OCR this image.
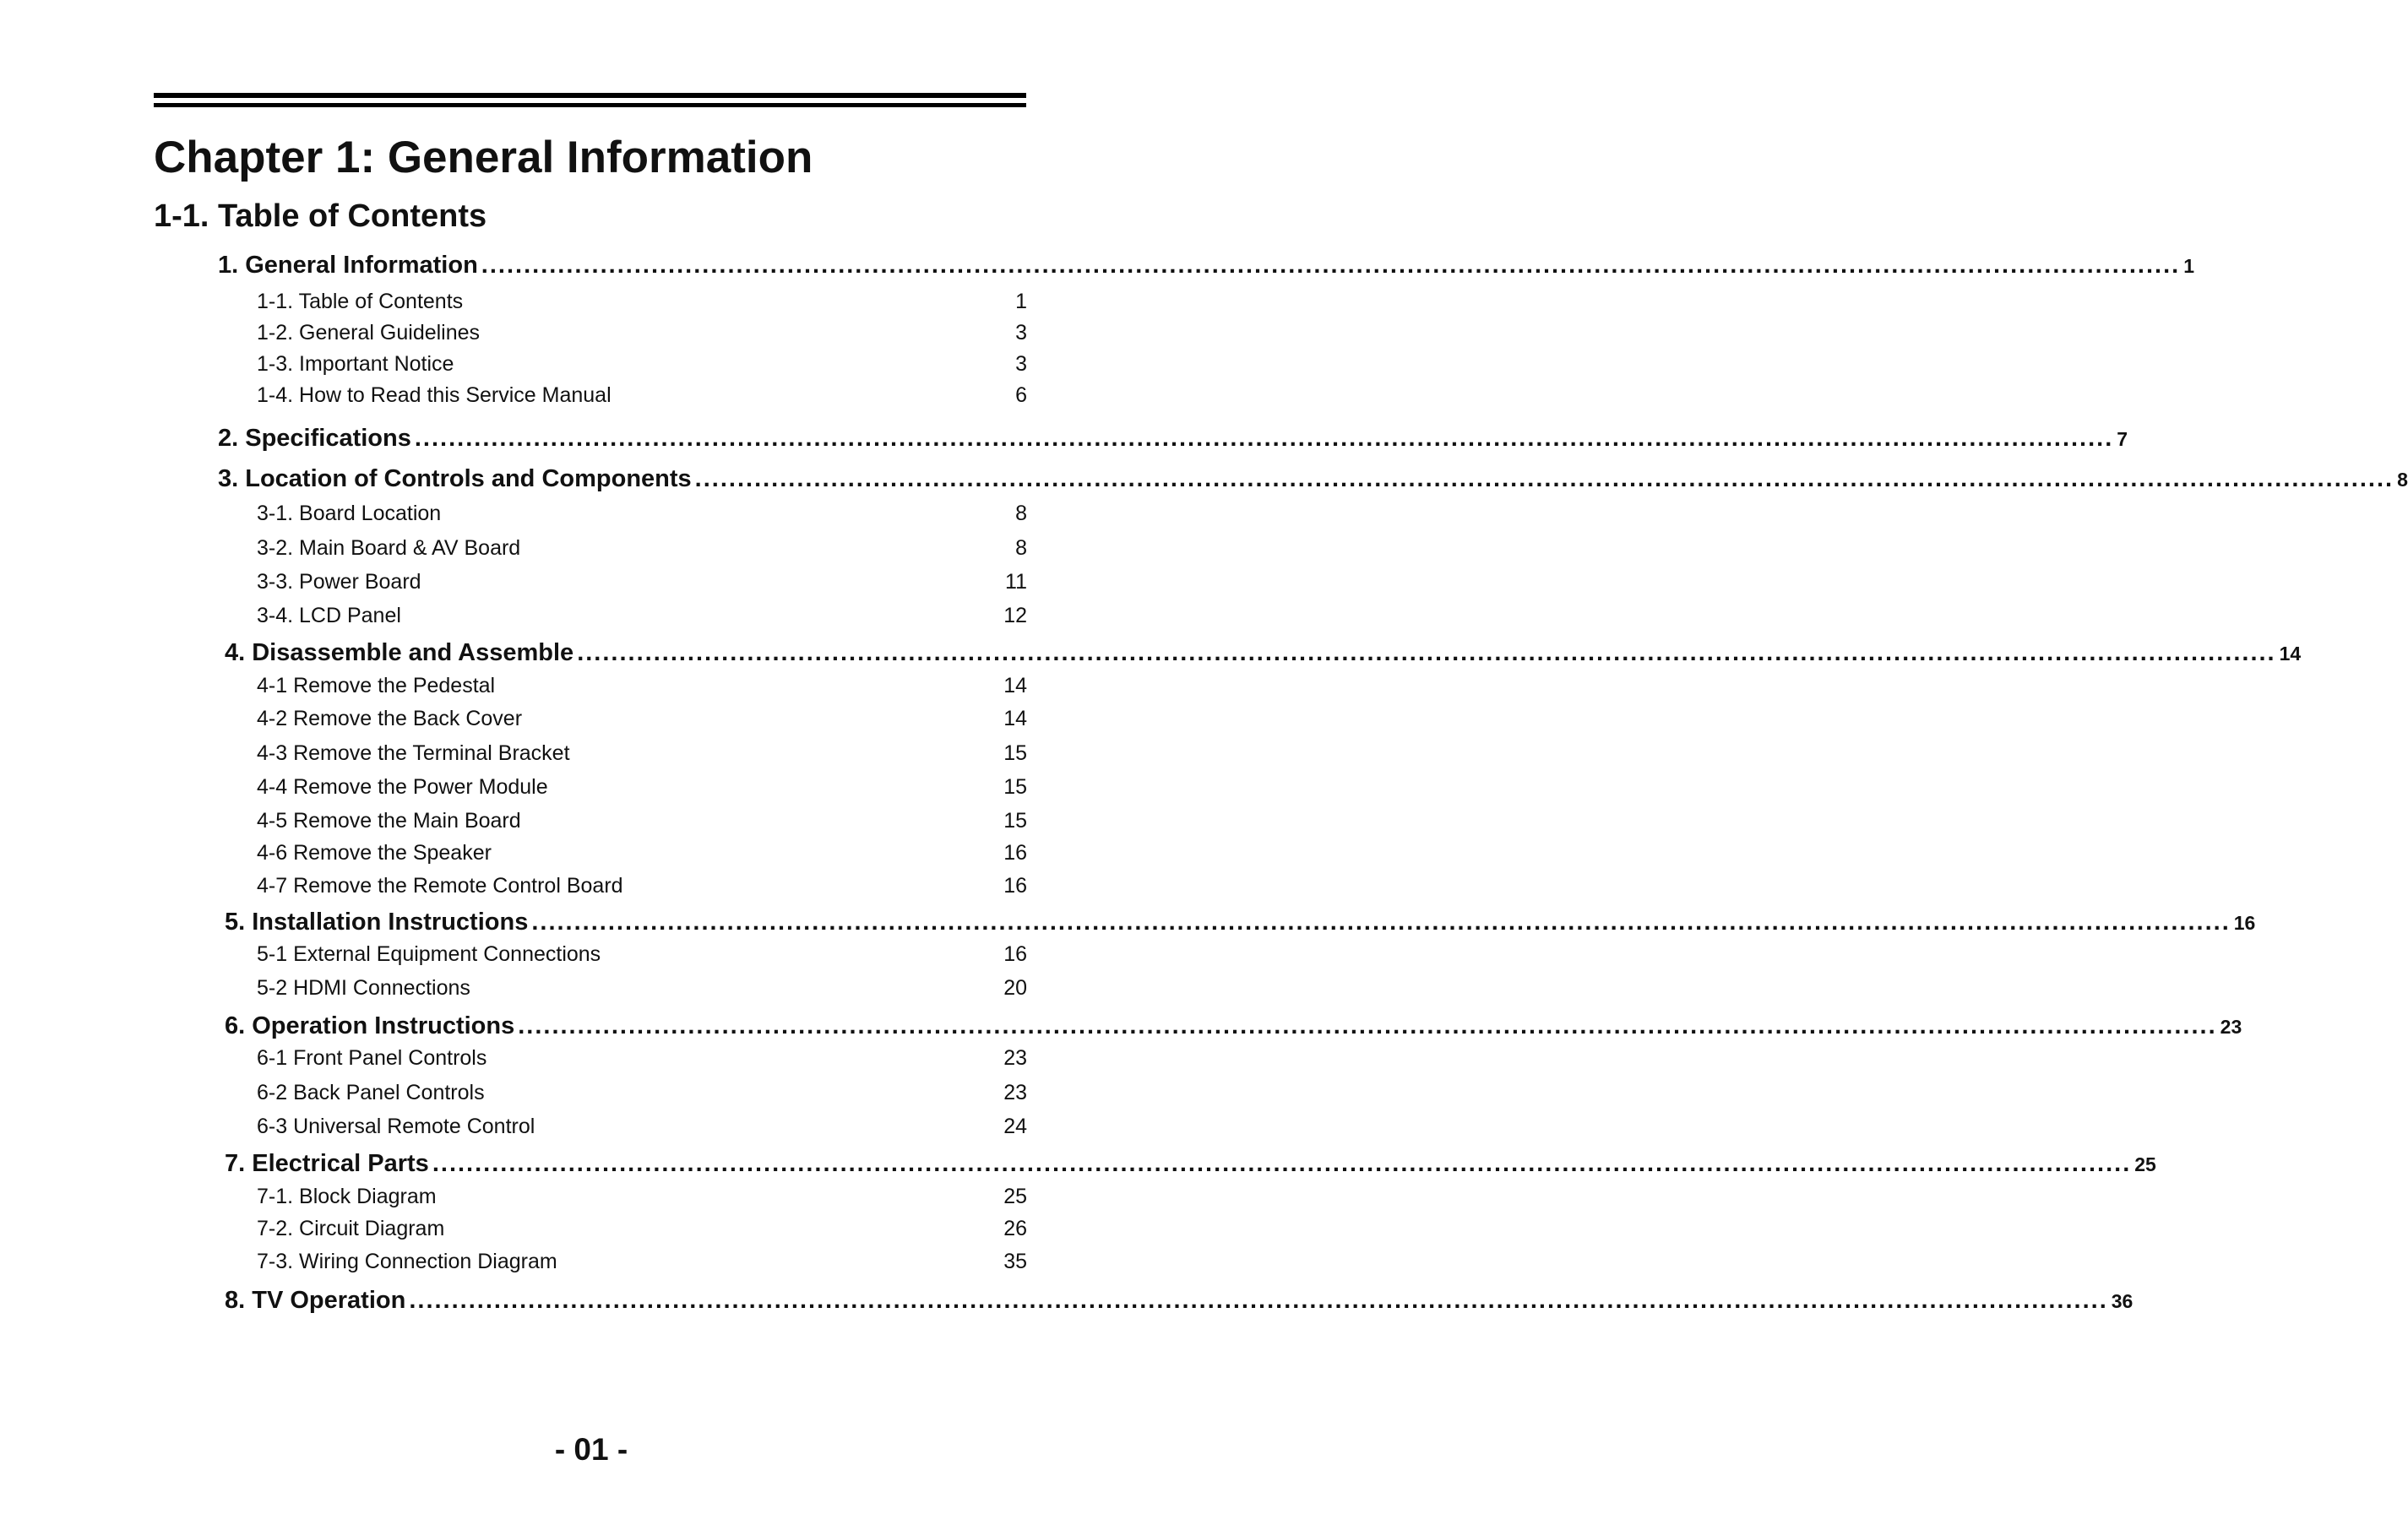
Chapter 1: General Information
1-1. Table of Contents
1. General Information ........................................................................................................................................................................................................ 1
1-1. Table of Contents	1
1-2. General Guidelines	3
1-3. Important Notice	3
1-4. How to Read this Service Manual	6
2. Specifications ........................................................................................................................................................................................................ 7
3. Location of Controls and Components ........................................................................................................................................................................................................ 8
3-1. Board Location	8
3-2. Main Board & AV Board	8
3-3. Power Board	11
3-4. LCD Panel	12
4. Disassemble and Assemble ........................................................................................................................................................................................................ 14
4-1 Remove the Pedestal	14
4-2 Remove the Back Cover	14
4-3 Remove the Terminal Bracket	15
4-4 Remove the Power Module	15
4-5 Remove the Main Board	15
4-6 Remove the Speaker	16
4-7 Remove the Remote Control Board	16
5. Installation Instructions ........................................................................................................................................................................................................ 16
5-1 External Equipment Connections	16
5-2 HDMI Connections	20
6. Operation Instructions ........................................................................................................................................................................................................ 23
6-1 Front Panel Controls	23
6-2 Back Panel Controls	23
6-3 Universal Remote Control	24
7. Electrical Parts ........................................................................................................................................................................................................ 25
7-1. Block Diagram	25
7-2. Circuit Diagram	26
7-3. Wiring Connection Diagram	35
8. TV Operation ........................................................................................................................................................................................................ 36
- 01 -
